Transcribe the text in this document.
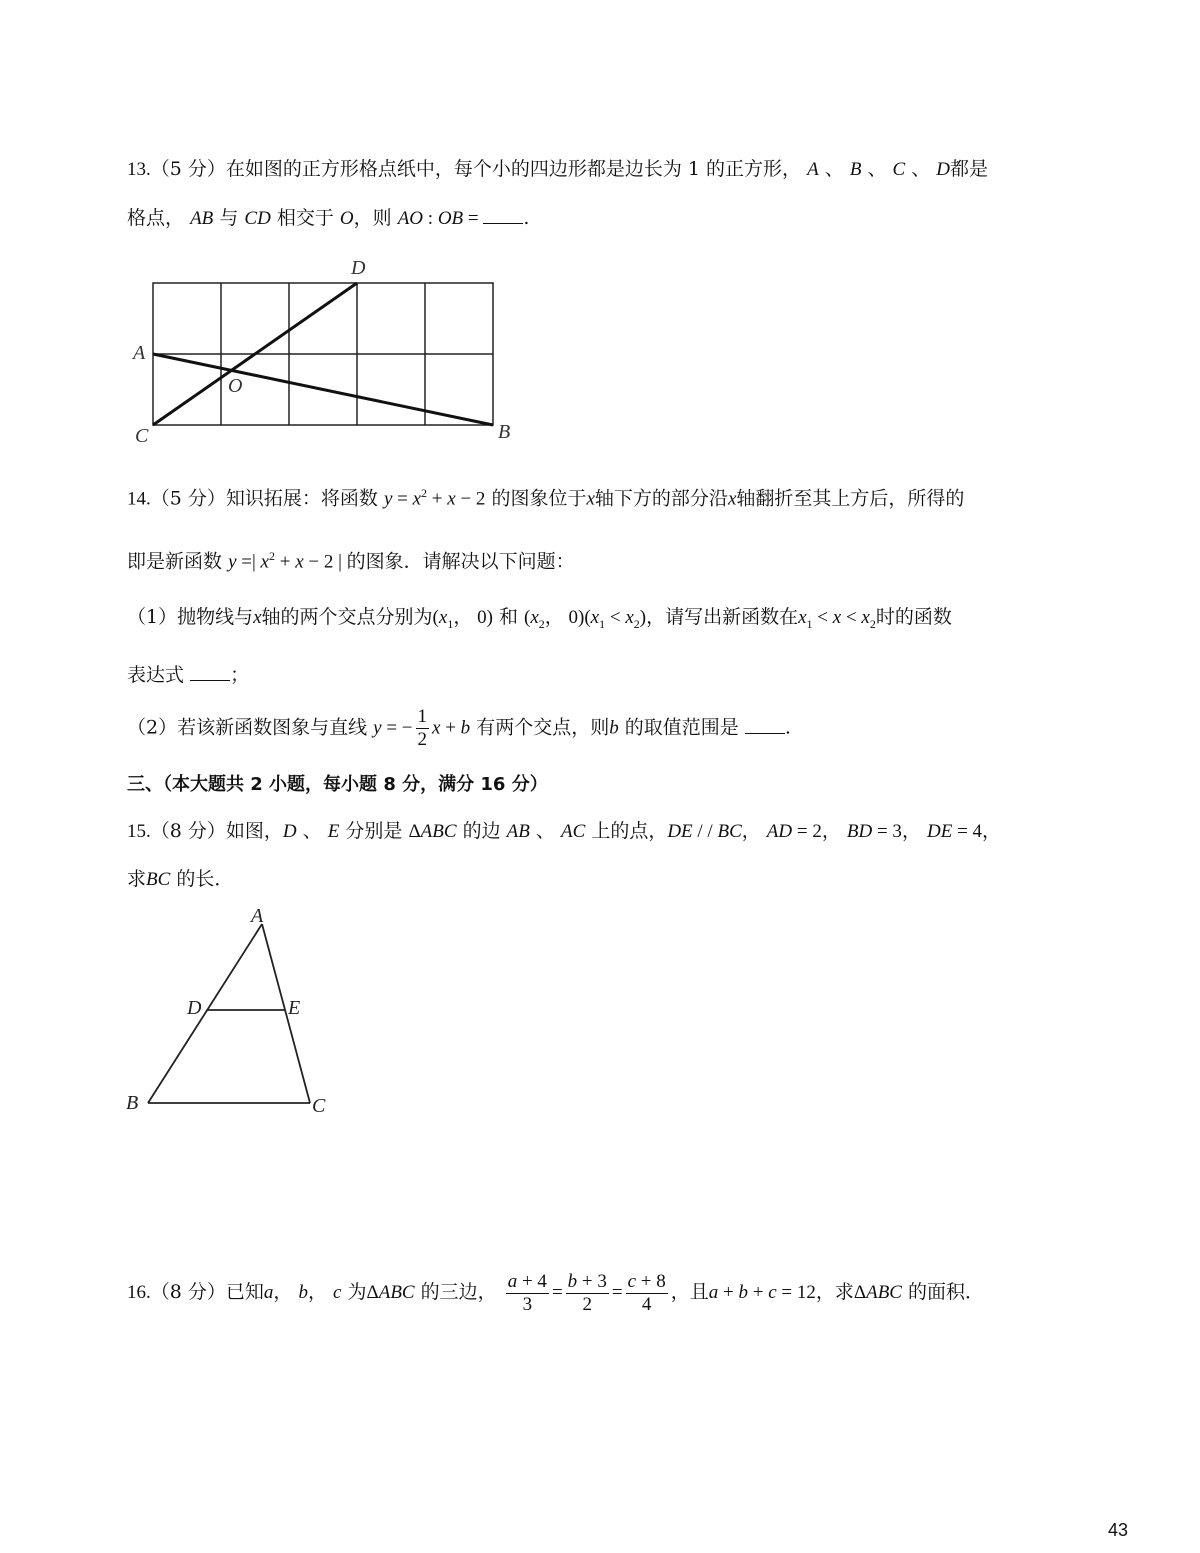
13.（5 分）在如图的正方形格点纸中，每个小的四边形都是边长为 1 的正方形， A 、 B 、 C 、 D都是
格点， AB 与 CD 相交于 O，则 AO : OB = .
D
A
O
C	B
14.（5 分）知识拓展：将函数 $y = x^2 + x - 2$ 的图象位于x轴下方的部分沿x轴翻折至其上方后，所得的
即是新函数 y =| $x^2 + x - 2$ | 的图象．请解决以下问题：
（1）抛物线与x轴的两个交点分别为($x_1$， 0) 和 ($x_2$， $0)(x_1 < x_2)$，请写出新函数在$x_1 < x < x_2$时的函数
表达式 ；
（2）若该新函数图象与直线 y = − $\frac{1}{2}$ x + b 有两个交点，则b 的取值范围是 .
三、（本大题共 2 小题，每小题 8 分，满分 16 分）
15.（8 分）如图，D 、 E 分别是 ΔABC 的边 AB 、 AC 上的点，DE / / BC， AD = 2， BD = 3， DE = 4，
求BC 的长．
A
D	E
B	C
16.（8 分）已知a， b， c 为ΔABC 的三边， $\frac{a + 4}{3} = \frac{b + 3}{2} = \frac{c + 8}{4}$ ，且a + b + c = 12，求ΔABC 的面积．
43
